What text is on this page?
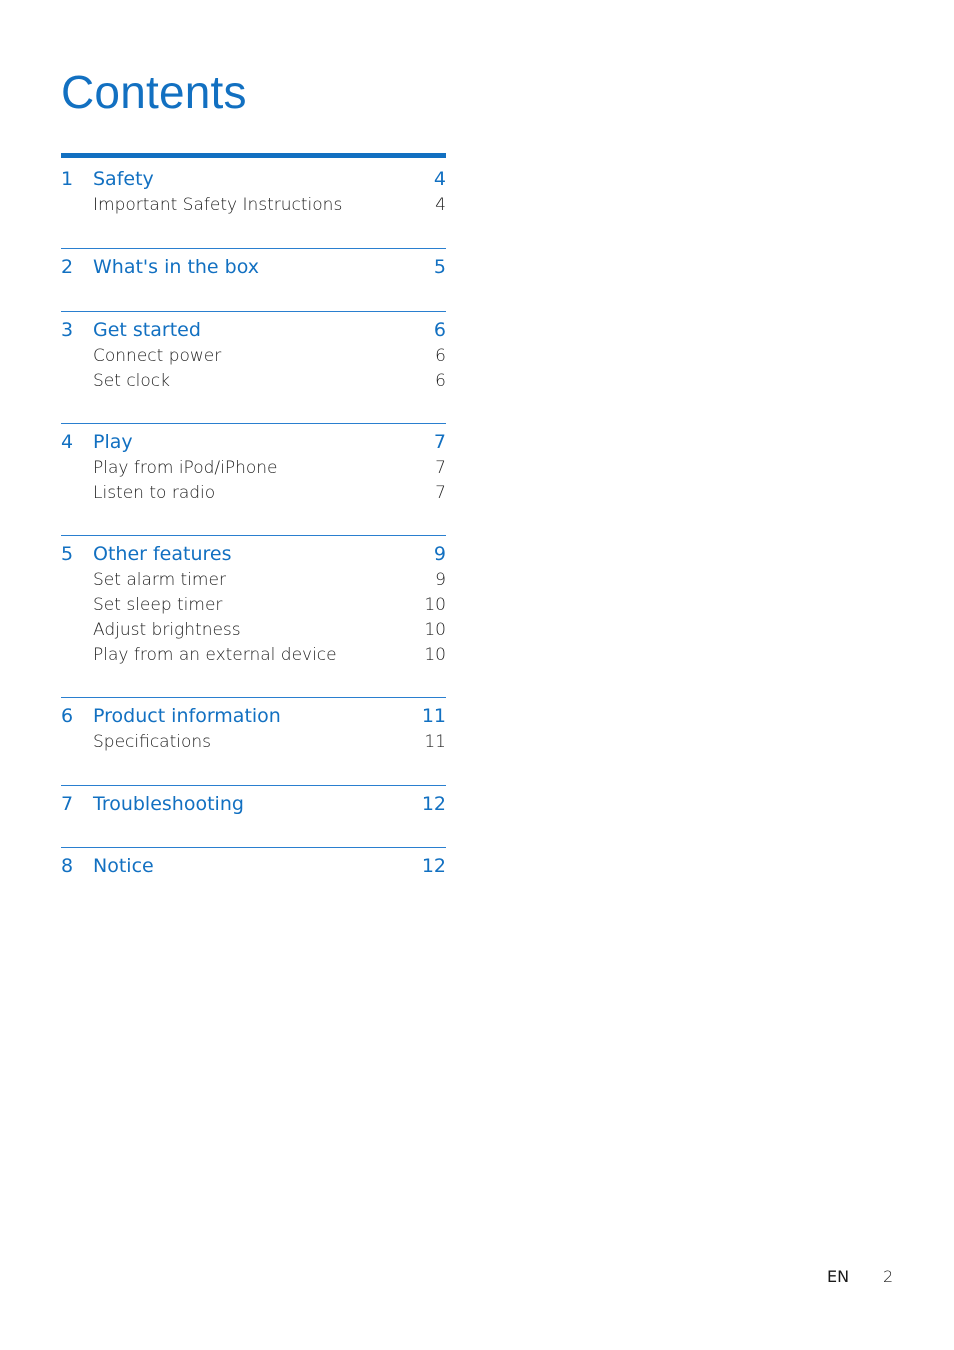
Contents
1 Safety	4
Important Safety Instructions	4
2 What's in the box	5
3 Get started	6
Connect power	6
Set clock	6
4 Play	7
Play from iPod/iPhone	7
Listen to radio	7
5 Other features	9
Set alarm timer	9
Set sleep timer	10
Adjust brightness	10
Play from an external device	10
6 Product information	11
Specifications	11
7 Troubleshooting	12
8 Notice	12
EN 2
